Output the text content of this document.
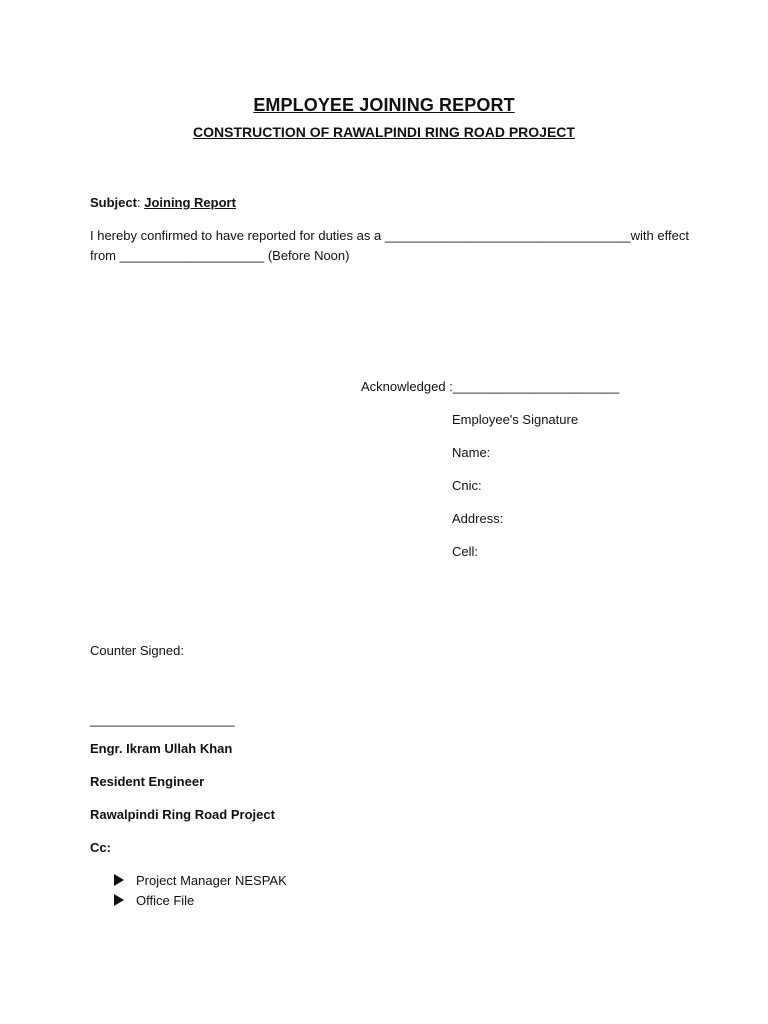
EMPLOYEE JOINING REPORT
CONSTRUCTION OF RAWALPINDI RING ROAD PROJECT
Subject: Joining Report
I hereby confirmed to have reported for duties as a __________________________________with effect
from ____________________ (Before Noon)
Acknowledged :_______________________
Employee's Signature
Name:
Cnic:
Address:
Cell:
Counter Signed:
____________________
Engr. Ikram Ullah Khan
Resident Engineer
Rawalpindi Ring Road Project
Cc:
Project Manager NESPAK
Office File
